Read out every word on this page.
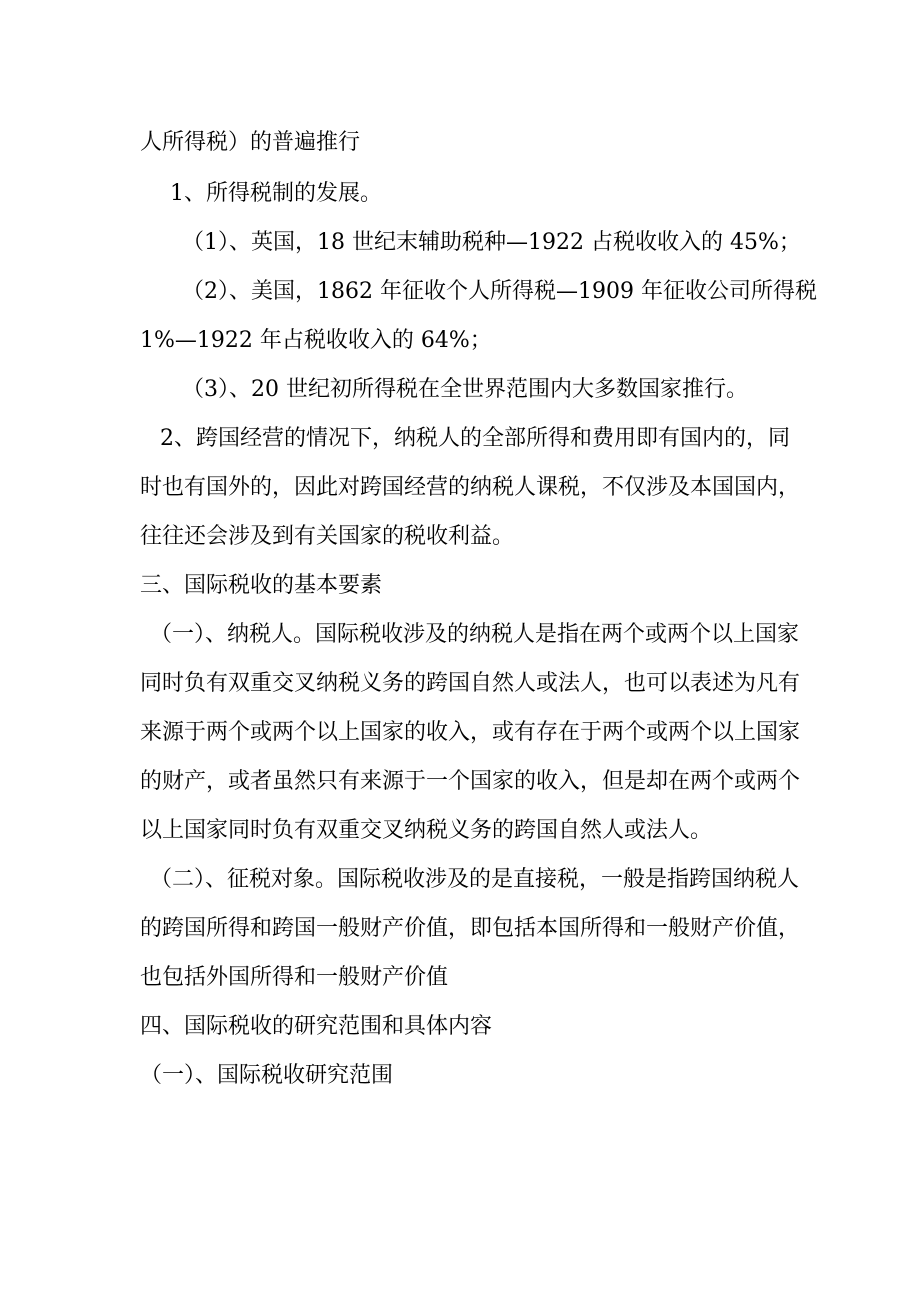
人所得税）的普遍推行

1、所得税制的发展。

（1）、英国，18 世纪末辅助税种—1922 占税收收入的 45%；

（2）、美国，1862 年征收个人所得税—1909 年征收公司所得税

1%—1922 年占税收收入的 64%；

（3）、20 世纪初所得税在全世界范围内大多数国家推行。

2、跨国经营的情况下，纳税人的全部所得和费用即有国内的，同

时也有国外的，因此对跨国经营的纳税人课税，不仅涉及本国国内，

往往还会涉及到有关国家的税收利益。

三、国际税收的基本要素

（一）、纳税人。国际税收涉及的纳税人是指在两个或两个以上国家

同时负有双重交叉纳税义务的跨国自然人或法人，也可以表述为凡有

来源于两个或两个以上国家的收入，或有存在于两个或两个以上国家

的财产，或者虽然只有来源于一个国家的收入，但是却在两个或两个

以上国家同时负有双重交叉纳税义务的跨国自然人或法人。

（二）、征税对象。国际税收涉及的是直接税，一般是指跨国纳税人

的跨国所得和跨国一般财产价值，即包括本国所得和一般财产价值，

也包括外国所得和一般财产价值

四、国际税收的研究范围和具体内容

（一）、国际税收研究范围
